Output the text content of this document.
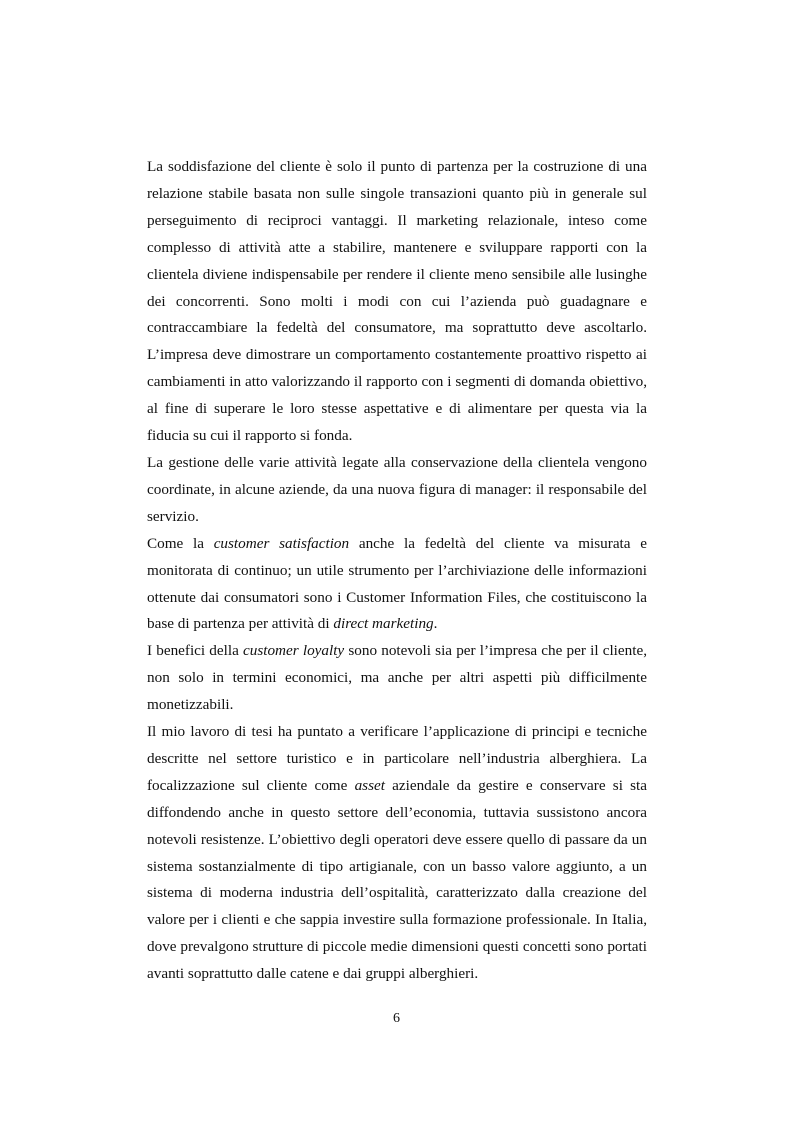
La soddisfazione del cliente è solo il punto di partenza per la costruzione di una relazione stabile basata non sulle singole transazioni quanto più in generale sul perseguimento di reciproci vantaggi. Il marketing relazionale, inteso come complesso di attività atte a stabilire, mantenere e sviluppare rapporti con la clientela diviene indispensabile per rendere il cliente meno sensibile alle lusinghe dei concorrenti. Sono molti i modi con cui l’azienda può guadagnare e contraccambiare la fedeltà del consumatore, ma soprattutto deve ascoltarlo. L’impresa deve dimostrare un comportamento costantemente proattivo rispetto ai cambiamenti in atto valorizzando il rapporto con i segmenti di domanda obiettivo, al fine di superare le loro stesse aspettative e di alimentare per questa via la fiducia su cui il rapporto si fonda.

La gestione delle varie attività legate alla conservazione della clientela vengono coordinate, in alcune aziende, da una nuova figura di manager: il responsabile del servizio.

Come la customer satisfaction anche la fedeltà del cliente va misurata e monitorata di continuo; un utile strumento per l’archiviazione delle informazioni ottenute dai consumatori sono i Customer Information Files, che costituiscono la base di partenza per attività di direct marketing.

I benefici della customer loyalty sono notevoli sia per l’impresa che per il cliente, non solo in termini economici, ma anche per altri aspetti più difficilmente monetizzabili.

Il mio lavoro di tesi ha puntato a verificare l’applicazione di principi e tecniche descritte nel settore turistico e in particolare nell’industria alberghiera. La focalizzazione sul cliente come asset aziendale da gestire e conservare si sta diffondendo anche in questo settore dell’economia, tuttavia sussistono ancora notevoli resistenze. L’obiettivo degli operatori deve essere quello di passare da un sistema sostanzialmente di tipo artigianale, con un basso valore aggiunto, a un sistema di moderna industria dell’ospitalità, caratterizzato dalla creazione del valore per i clienti e che sappia investire sulla formazione professionale. In Italia, dove prevalgono strutture di piccole medie dimensioni questi concetti sono portati avanti soprattutto dalle catene e dai gruppi alberghieri.

6
